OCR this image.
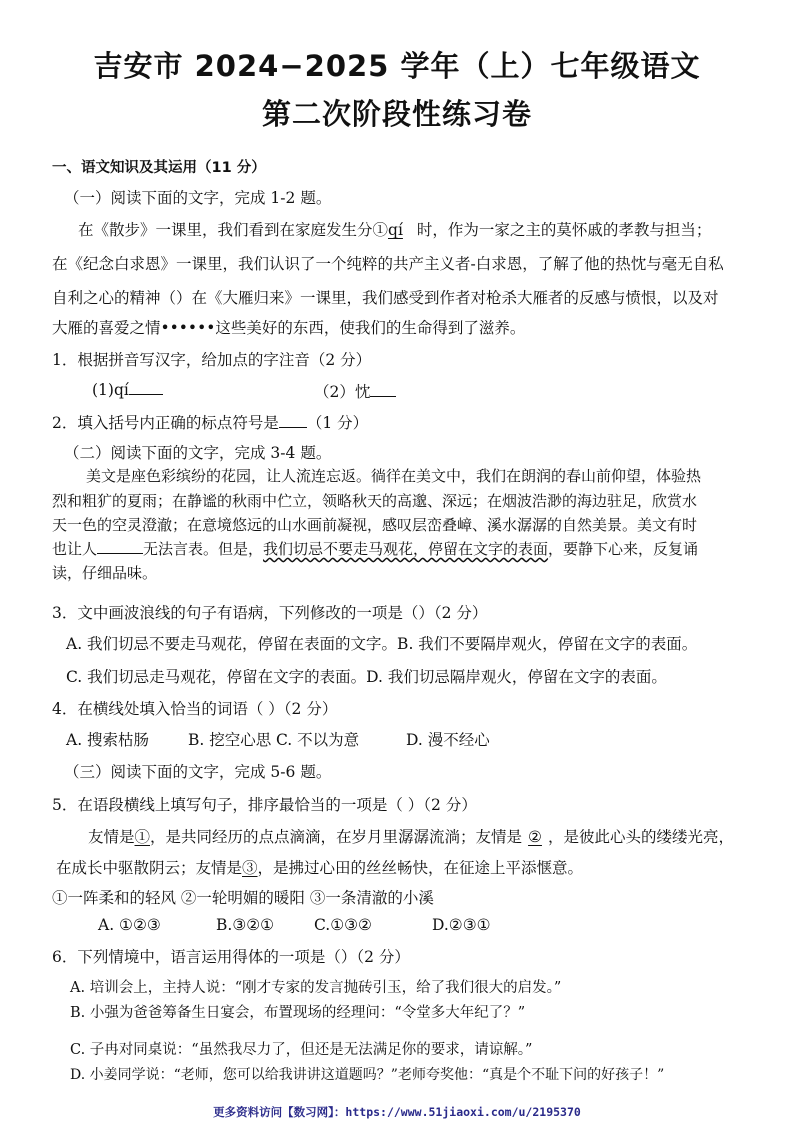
吉安市 2024−2025 学年（上）七年级语文
第二次阶段性练习卷
一、语文知识及其运用（11 分）
（一）阅读下面的文字，完成 1-2 题。
在《散步》一课里，我们看到在家庭发生分①qí 时，作为一家之主的莫怀戚的孝教与担当；
在《纪念白求恩》一课里，我们认识了一个纯粹的共产主义者-白求恩，了解了他的热忱与毫无自私
自利之心的精神（）在《大雁归来》一课里，我们感受到作者对枪杀大雁者的反感与愤恨，以及对
大雁的喜爱之情••••••这些美好的东西，使我们的生命得到了滋养。
1．根据拼音写汉字，给加点的字注音（2 分）
(1)qí	（2）忱
2．填入括号内正确的标点符号是 （1 分）
（二）阅读下面的文字，完成 3-4 题。
美文是座色彩缤纷的花园，让人流连忘返。徜徉在美文中，我们在朗润的春山前仰望，体验热
烈和粗犷的夏雨；在静谧的秋雨中伫立，领略秋天的高邈、深远；在烟波浩渺的海边驻足，欣赏水
天一色的空灵澄澈；在意境悠远的山水画前凝视，感叹层峦叠嶂、溪水潺潺的自然美景。美文有时
也让人	无法言表。但是，我们切忌不要走马观花，停留在文字的表面，要静下心来，反复诵
读，仔细品味。
3．文中画波浪线的句子有语病，下列修改的一项是（）（2 分）
A. 我们切忌不要走马观花，停留在表面的文字。B. 我们不要隔岸观火，停留在文字的表面。
C. 我们切忌走马观花，停留在文字的表面。D. 我们切忌隔岸观火，停留在文字的表面。
4．在横线处填入恰当的词语（ ）（2 分）
A. 搜索枯肠	B. 挖空心思 C. 不以为意	D. 漫不经心
（三）阅读下面的文字，完成 5-6 题。
5．在语段横线上填写句子，排序最恰当的一项是（ ）（2 分）
友情是①，是共同经历的点点滴滴，在岁月里潺潺流淌；友情是 ② ，是彼此心头的缕缕光亮，
在成长中驱散阴云；友情是③，是拂过心田的丝丝畅快，在征途上平添惬意。
①一阵柔和的轻风 ②一轮明媚的暖阳 ③一条清澈的小溪
A. ①②③	B.③②①	C.①③②	D.②③①
6．下列情境中，语言运用得体的一项是（）（2 分）
A. 培训会上，主持人说：“刚才专家的发言抛砖引玉，给了我们很大的启发。”
B. 小强为爸爸筹备生日宴会，布置现场的经理问：“令堂多大年纪了？”
C. 子冉对同桌说：“虽然我尽力了，但还是无法满足你的要求，请谅解。”
D. 小姜同学说：“老师，您可以给我讲讲这道题吗？”老师夸奖他：“真是个不耻下问的好孩子！”
更多资料访问【数习网】：https://www.51jiaoxi.com/u/2195370
